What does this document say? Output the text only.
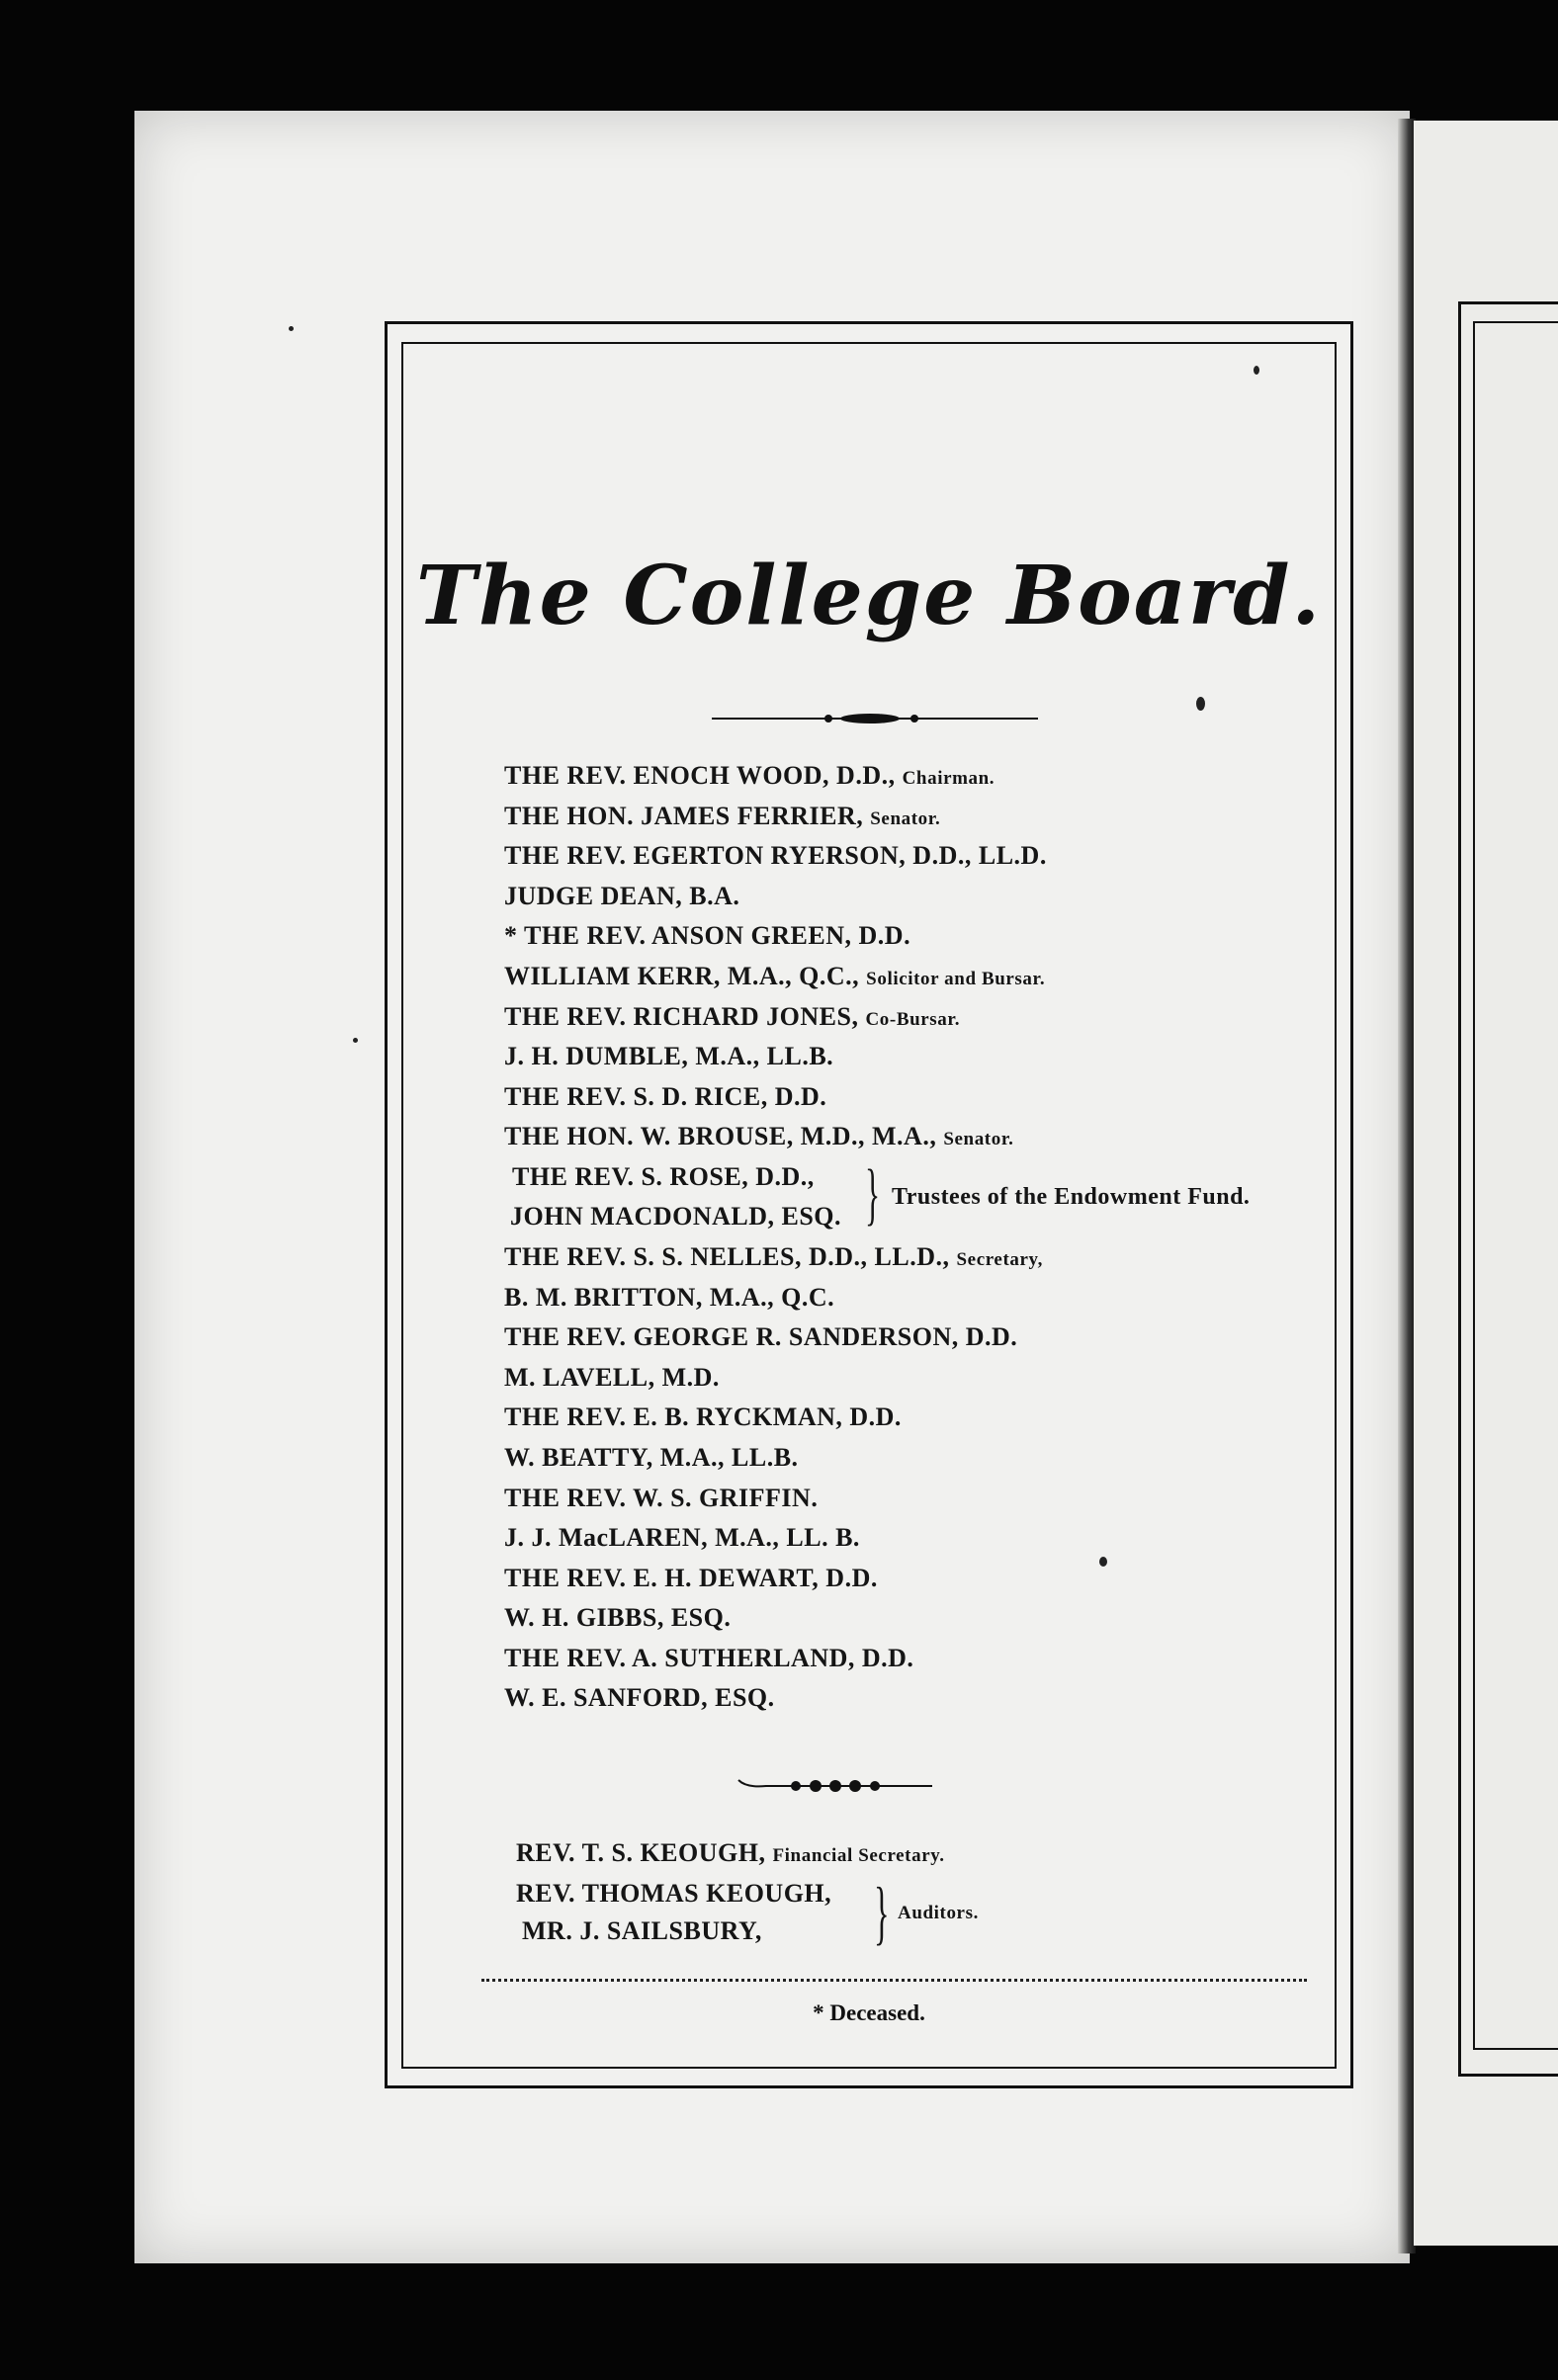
The College Board.
THE REV. ENOCH WOOD, D.D., Chairman.
THE HON. JAMES FERRIER, Senator.
THE REV. EGERTON RYERSON, D.D., LL.D.
JUDGE DEAN, B.A.
* THE REV. ANSON GREEN, D.D.
WILLIAM KERR, M.A., Q.C., Solicitor and Bursar.
THE REV. RICHARD JONES, Co-Bursar.
J. H. DUMBLE, M.A., LL.B.
THE REV. S. D. RICE, D.D.
THE HON. W. BROUSE, M.D., M.A., Senator.
THE REV. S. ROSE, D.D.,
JOHN MACDONALD, ESQ. } Trustees of the Endowment Fund.
THE REV. S. S. NELLES, D.D., LL.D., Secretary,
B. M. BRITTON, M.A., Q.C.
THE REV. GEORGE R. SANDERSON, D.D.
M. LAVELL, M.D.
THE REV. E. B. RYCKMAN, D.D.
W. BEATTY, M.A., LL.B.
THE REV. W. S. GRIFFIN.
J. J. MacLAREN, M.A., LL. B.
THE REV. E. H. DEWART, D.D.
W. H. GIBBS, ESQ.
THE REV. A. SUTHERLAND, D.D.
W. E. SANFORD, ESQ.
REV. T. S. KEOUGH, Financial Secretary.
REV. THOMAS KEOUGH,
MR. J. SAILSBURY, } Auditors.
* Deceased.
